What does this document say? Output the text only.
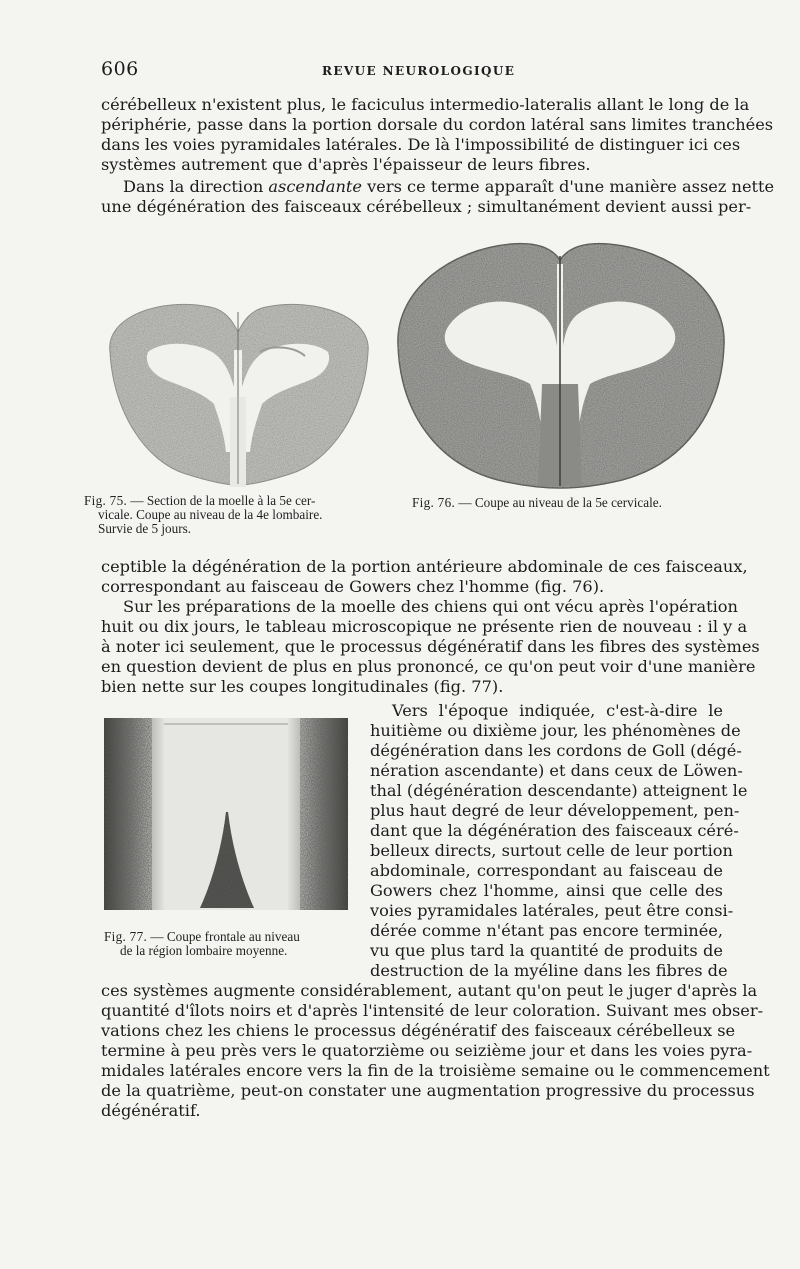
606	REVUE NEUROLOGIQUE
cérébelleux n'existent plus, le faciculus intermedio-lateralis allant le long de la
périphérie, passe dans la portion dorsale du cordon latéral sans limites tranchées
dans les voies pyramidales latérales. De là l'impossibilité de distinguer ici ces
systèmes autrement que d'après l'épaisseur de leurs fibres.
Dans la direction ascendante vers ce terme apparaît d'une manière assez nette
une dégénération des faisceaux cérébelleux ; simultanément devient aussi per-
Fig. 75. — Section de la moelle à la 5e cer-
vicale. Coupe au niveau de la 4e lombaire.
Survie de 5 jours.
Fig. 76. — Coupe au niveau de la 5e cervicale.
ceptible la dégénération de la portion antérieure abdominale de ces faisceaux,
correspondant au faisceau de Gowers chez l'homme (fig. 76).
Sur les préparations de la moelle des chiens qui ont vécu après l'opération
huit ou dix jours, le tableau microscopique ne présente rien de nouveau : il y a
à noter ici seulement, que le processus dégénératif dans les fibres des systèmes
en question devient de plus en plus prononcé, ce qu'on peut voir d'une manière
bien nette sur les coupes longitudinales (fig. 77).
Fig. 77. — Coupe frontale au niveau
de la région lombaire moyenne.
Vers l'époque indiquée, c'est-à-dire le
huitième ou dixième jour, les phénomènes de
dégénération dans les cordons de Goll (dégé-
nération ascendante) et dans ceux de Löwen-
thal (dégénération descendante) atteignent le
plus haut degré de leur développement, pen-
dant que la dégénération des faisceaux céré-
belleux directs, surtout celle de leur portion
abdominale, correspondant au faisceau de
Gowers chez l'homme, ainsi que celle des
voies pyramidales latérales, peut être consi-
dérée comme n'étant pas encore terminée,
vu que plus tard la quantité de produits de
destruction de la myéline dans les fibres de
ces systèmes augmente considérablement, autant qu'on peut le juger d'après la
quantité d'îlots noirs et d'après l'intensité de leur coloration. Suivant mes obser-
vations chez les chiens le processus dégénératif des faisceaux cérébelleux se
termine à peu près vers le quatorzième ou seizième jour et dans les voies pyra-
midales latérales encore vers la fin de la troisième semaine ou le commencement
de la quatrième, peut-on constater une augmentation progressive du processus
dégénératif.
